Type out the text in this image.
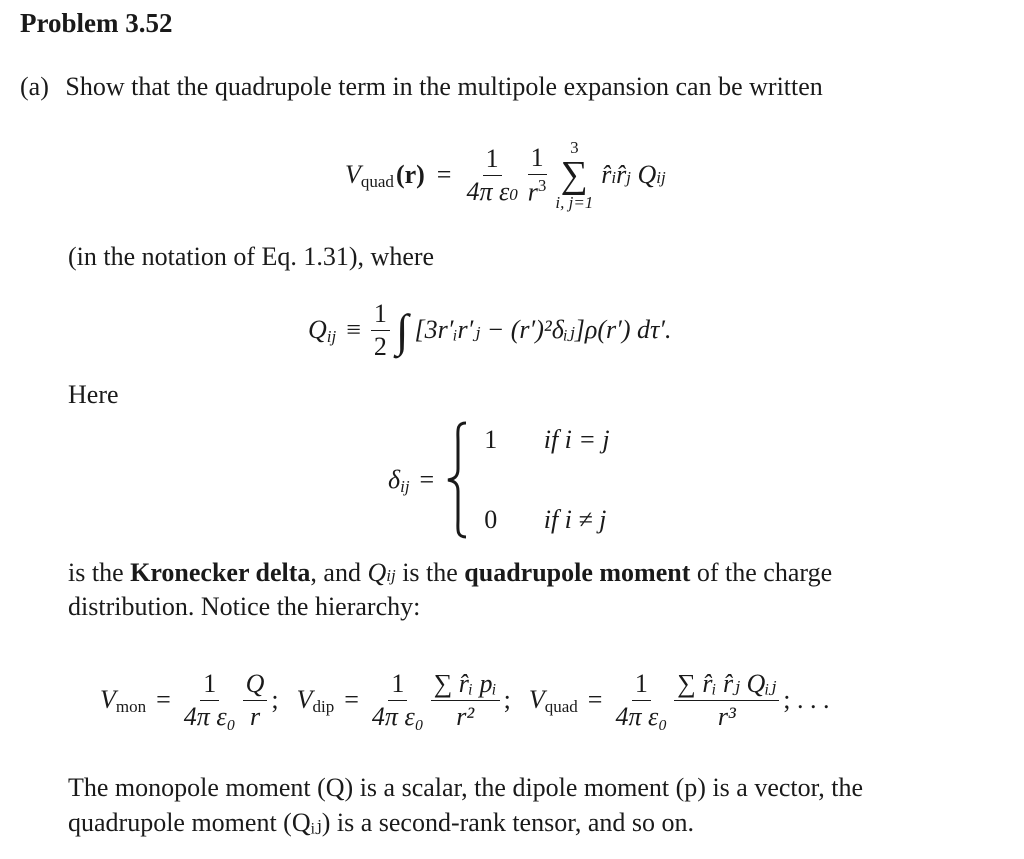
Problem 3.52
(a) Show that the quadrupole term in the multipole expansion can be written
V quad $(r) = \frac{1}{\text{4π ε0}} \frac{1}{r^3} 3$
∑
i, j=1
r̂ir̂j Qij
(in the notation of Eq. 1.31), where
Q ij ≡ $\frac{1}{2}$ ∫ [3r′ᵢr′ⱼ − (r′)²δᵢⱼ]ρ(r′) dτ′.
Here
δ ij =
1 if i = j
0 if i ≠ j
is the Kronecker delta, and Qij is the quadrupole moment of the charge
distribution. Notice the hierarchy:
V mon = $\frac{1}{\text{4π ε₀}} \frac{Q}{r}$ ; V dip = $\frac{1}{\text{4π ε₀}} \frac{\text{∑ r̂ᵢ pᵢ}}{\text{r²}}$ ; V quad = $\frac{1}{\text{4π ε₀}} \frac{\text{∑ r̂ᵢ r̂ⱼ Qᵢⱼ}}{\text{r³}}$ ; . . .
The monopole moment (Q) is a scalar, the dipole moment (p) is a vector, the
quadrupole moment (Qᵢⱼ) is a second-rank tensor, and so on.
